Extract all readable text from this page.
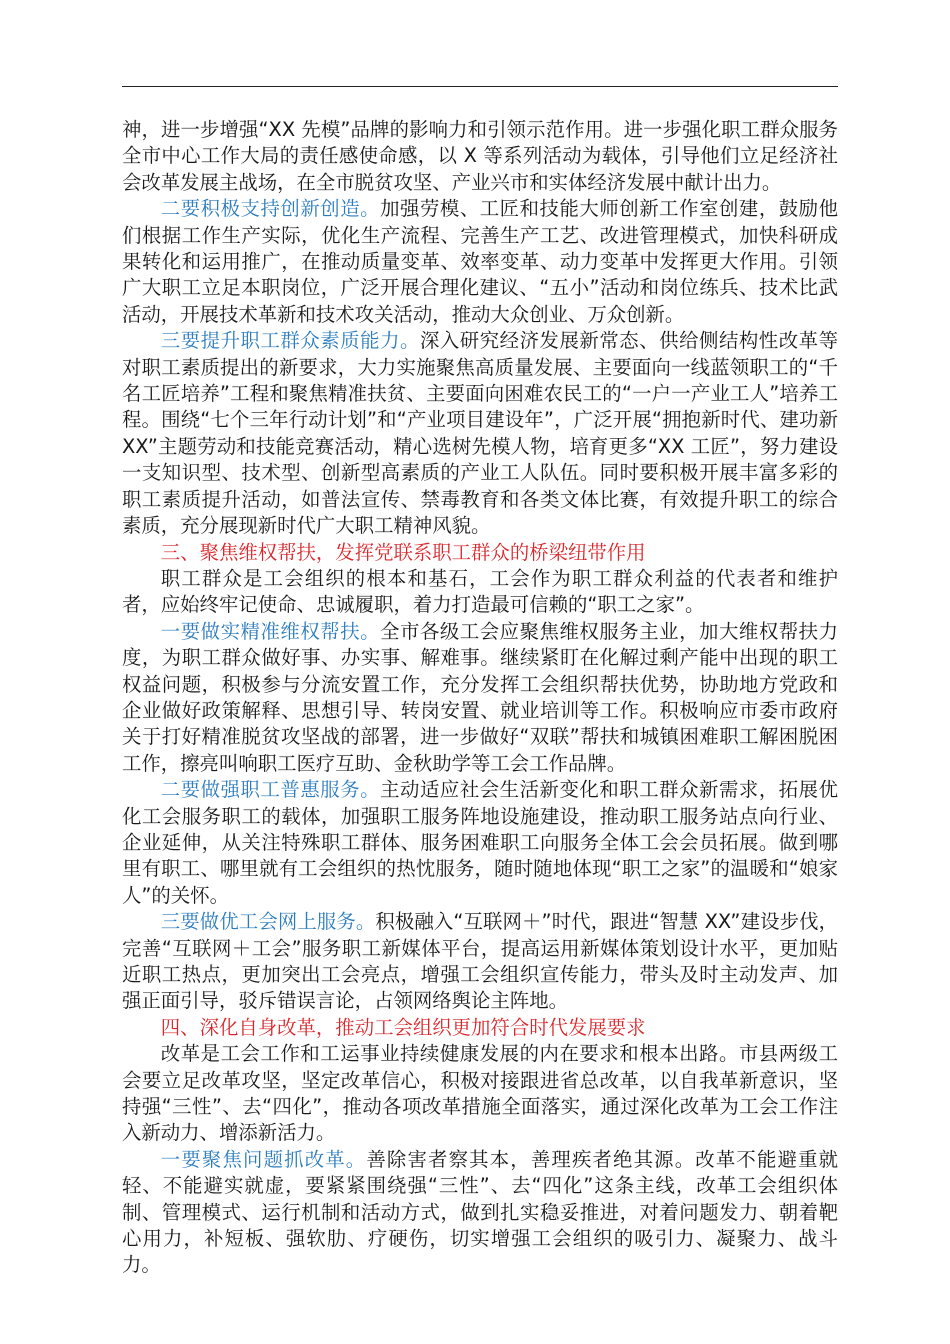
神，进一步增强“XX 先模”品牌的影响力和引领示范作用。进一步强化职工群众服务全市中心工作大局的责任感使命感，以 X 等系列活动为载体，引导他们立足经济社会改革发展主战场，在全市脱贫攻坚、产业兴市和实体经济发展中献计出力。

二要积极支持创新创造。加强劳模、工匠和技能大师创新工作室创建，鼓励他们根据工作生产实际，优化生产流程、完善生产工艺、改进管理模式，加快科研成果转化和运用推广，在推动质量变革、效率变革、动力变革中发挥更大作用。引领广大职工立足本职岗位，广泛开展合理化建议、“五小”活动和岗位练兵、技术比武活动，开展技术革新和技术攻关活动，推动大众创业、万众创新。

三要提升职工群众素质能力。深入研究经济发展新常态、供给侧结构性改革等对职工素质提出的新要求，大力实施聚焦高质量发展、主要面向一线蓝领职工的“千名工匠培养”工程和聚焦精准扶贫、主要面向困难农民工的“一户一产业工人”培养工程。围绕“七个三年行动计划”和“产业项目建设年”，广泛开展“拥抱新时代、建功新 XX”主题劳动和技能竞赛活动，精心选树先模人物，培育更多“XX 工匠”，努力建设一支知识型、技术型、创新型高素质的产业工人队伍。同时要积极开展丰富多彩的职工素质提升活动，如普法宣传、禁毒教育和各类文体比赛，有效提升职工的综合素质，充分展现新时代广大职工精神风貌。

三、聚焦维权帮扶，发挥党联系职工群众的桥梁纽带作用

职工群众是工会组织的根本和基石，工会作为职工群众利益的代表者和维护者，应始终牢记使命、忠诚履职，着力打造最可信赖的“职工之家”。

一要做实精准维权帮扶。全市各级工会应聚焦维权服务主业，加大维权帮扶力度，为职工群众做好事、办实事、解难事。继续紧盯在化解过剩产能中出现的职工权益问题，积极参与分流安置工作，充分发挥工会组织帮扶优势，协助地方党政和企业做好政策解释、思想引导、转岗安置、就业培训等工作。积极响应市委市政府关于打好精准脱贫攻坚战的部署，进一步做好“双联”帮扶和城镇困难职工解困脱困工作，擦亮叫响职工医疗互助、金秋助学等工会工作品牌。

二要做强职工普惠服务。主动适应社会生活新变化和职工群众新需求，拓展优化工会服务职工的载体，加强职工服务阵地设施建设，推动职工服务站点向行业、企业延伸，从关注特殊职工群体、服务困难职工向服务全体工会会员拓展。做到哪里有职工、哪里就有工会组织的热忱服务，随时随地体现“职工之家”的温暖和“娘家人”的关怀。

三要做优工会网上服务。积极融入“互联网＋”时代，跟进“智慧 XX”建设步伐，完善“互联网＋工会”服务职工新媒体平台，提高运用新媒体策划设计水平，更加贴近职工热点，更加突出工会亮点，增强工会组织宣传能力，带头及时主动发声、加强正面引导，驳斥错误言论，占领网络舆论主阵地。

四、深化自身改革，推动工会组织更加符合时代发展要求

改革是工会工作和工运事业持续健康发展的内在要求和根本出路。市县两级工会要立足改革攻坚，坚定改革信心，积极对接跟进省总改革，以自我革新意识，坚持强“三性”、去“四化”，推动各项改革措施全面落实，通过深化改革为工会工作注入新动力、增添新活力。

一要聚焦问题抓改革。善除害者察其本，善理疾者绝其源。改革不能避重就轻、不能避实就虚，要紧紧围绕强“三性”、去“四化”这条主线，改革工会组织体制、管理模式、运行机制和活动方式，做到扎实稳妥推进，对着问题发力、朝着靶心用力，补短板、强软肋、疗硬伤，切实增强工会组织的吸引力、凝聚力、战斗力。
